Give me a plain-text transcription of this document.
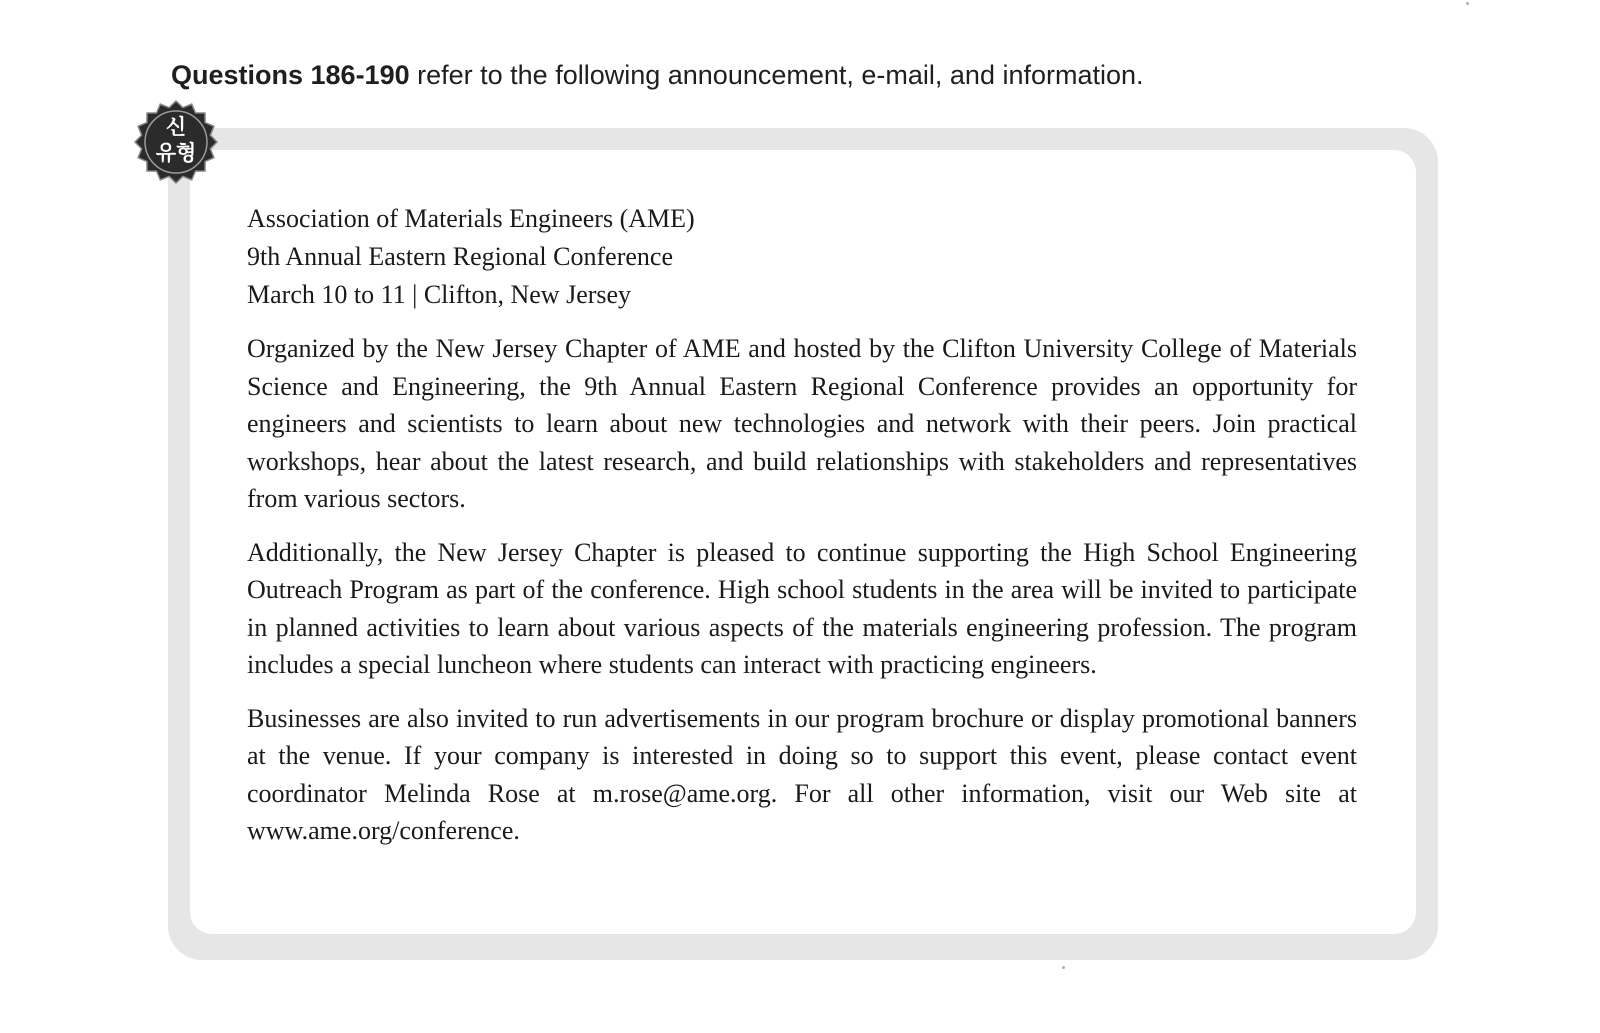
Questions 186-190 refer to the following announcement, e-mail, and information.

신
유형

Association of Materials Engineers (AME)

9th Annual Eastern Regional Conference

March 10 to 11 | Clifton, New Jersey

Organized by the New Jersey Chapter of AME and hosted by the Clifton University College of Materials Science and Engineering, the 9th Annual Eastern Regional Conference provides an opportunity for engineers and scientists to learn about new technologies and network with their peers. Join practical workshops, hear about the latest research, and build relationships with stakeholders and representatives from various sectors.

Additionally, the New Jersey Chapter is pleased to continue supporting the High School Engineering Outreach Program as part of the conference. High school students in the area will be invited to participate in planned activities to learn about various aspects of the materials engineering profession. The program includes a special luncheon where students can interact with practicing engineers.

Businesses are also invited to run advertisements in our program brochure or display promotional banners at the venue. If your company is interested in doing so to support this event, please contact event coordinator Melinda Rose at m.rose@ame.org. For all other information, visit our Web site at www.ame.org/conference.
